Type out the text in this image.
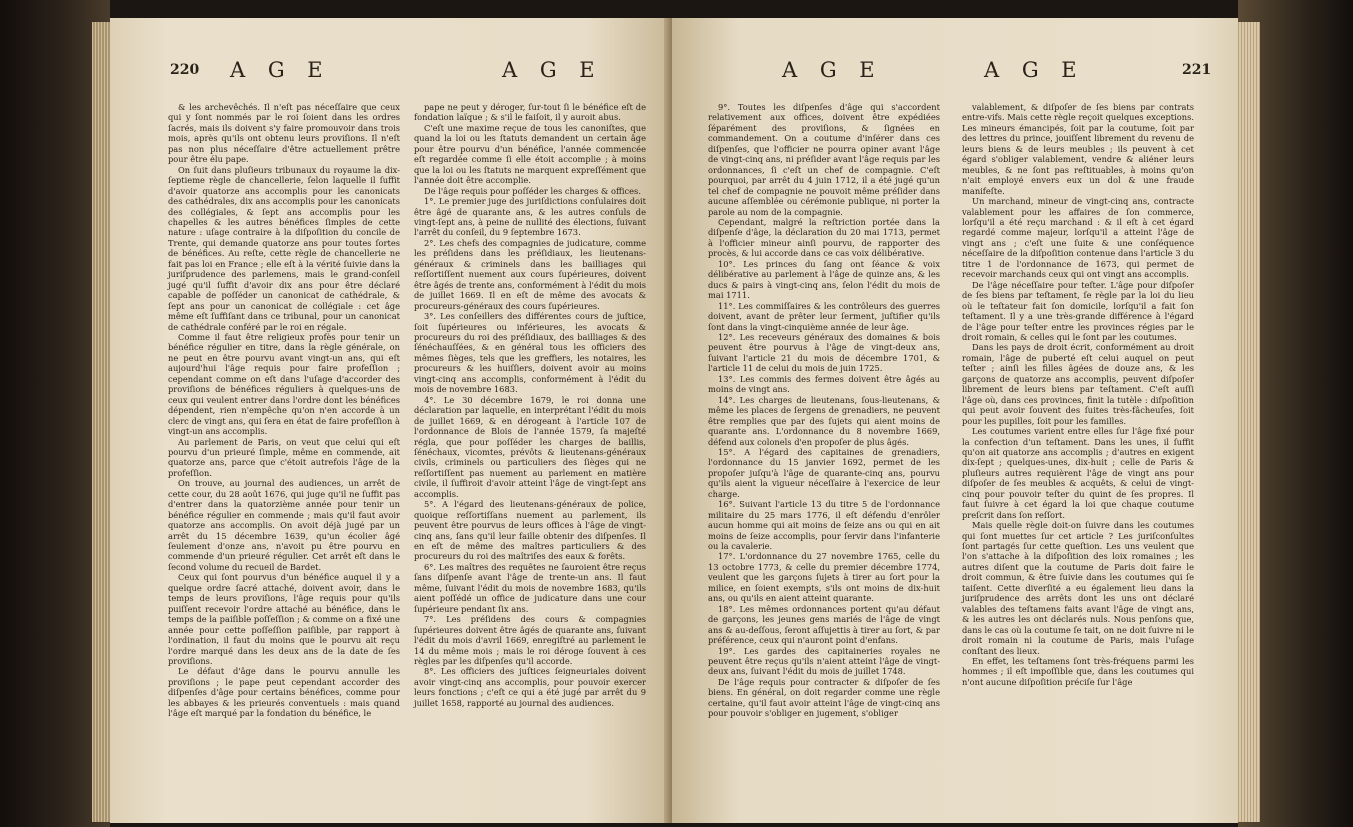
220 A G E	A G E

& les archevêchés. Il n'eſt pas néceſſaire que ceux qui y ſont nommés par le roi ſoient dans les ordres ſacrés, mais ils doivent s'y faire promouvoir dans trois mois, après qu'ils ont obtenu leurs proviſions. Il n'eſt pas non plus néceſſaire d'être actuellement prêtre pour être élu pape.

On ſuit dans pluſieurs tribunaux du royaume la dix-ſeptieme règle de chancellerie, ſelon laquelle il ſuffit d'avoir quatorze ans accomplis pour les canonicats des cathédrales, dix ans accomplis pour les canonicats des collégiales, & ſept ans accomplis pour les chapelles & les autres bénéfices ſimples de cette nature : uſage contraire à la diſpoſition du concile de Trente, qui demande quatorze ans pour toutes ſortes de bénéfices. Au reſte, cette règle de chancellerie ne fait pas loi en France ; elle eſt à la vérité ſuivie dans la juriſprudence des parlemens, mais le grand-conſeil jugé qu'il ſuffit d'avoir dix ans pour être déclaré capable de poſſéder un canonicat de cathédrale, & ſept ans pour un canonicat de collégiale : cet âge même eſt ſuffiſant dans ce tribunal, pour un canonicat de cathédrale conféré par le roi en régale.

Comme il faut être religieux profès pour tenir un bénéfice régulier en titre, dans la règle générale, on ne peut en être pourvu avant vingt-un ans, qui eſt aujourd'hui l'âge requis pour faire profeſſion ; cependant comme on eſt dans l'uſage d'accorder des proviſions de bénéfices réguliers à quelques-uns de ceux qui veulent entrer dans l'ordre dont les bénéfices dépendent, rien n'empêche qu'on n'en accorde à un clerc de vingt ans, qui ſera en état de faire profeſſion à vingt-un ans accomplis.

Au parlement de Paris, on veut que celui qui eſt pourvu d'un prieuré ſimple, même en commende, ait quatorze ans, parce que c'étoit autrefois l'âge de la profeſſion.

On trouve, au journal des audiences, un arrêt de cette cour, du 28 août 1676, qui juge qu'il ne ſuffit pas d'entrer dans la quatorzième année pour tenir un bénéfice régulier en commende ; mais qu'il faut avoir quatorze ans accomplis. On avoit déjà jugé par un arrêt du 15 décembre 1639, qu'un écolier âgé ſeulement d'onze ans, n'avoit pu être pourvu en commende d'un prieuré régulier. Cet arrêt eſt dans le ſecond volume du recueil de Bardet.

Ceux qui ſont pourvus d'un bénéfice auquel il y a quelque ordre ſacré attaché, doivent avoir, dans le temps de leurs proviſions, l'âge requis pour qu'ils puiſſent recevoir l'ordre attaché au bénéfice, dans le temps de la paiſible poſſeſſion ; & comme on a fixé une année pour cette poſſeſſion paiſible, par rapport à l'ordination, il faut du moins que le pourvu ait reçu l'ordre marqué dans les deux ans de la date de ſes proviſions.

Le défaut d'âge dans le pourvu annulle les proviſions ; le pape peut cependant accorder des diſpenſes d'âge pour certains bénéfices, comme pour les abbayes & les prieurés conventuels : mais quand l'âge eſt marqué par la fondation du bénéfice, le

pape ne peut y déroger, ſur-tout ſi le bénéfice eſt de fondation laïque ; & s'il le faiſoit, il y auroit abus.

C'eſt une maxime reçue de tous les canoniſtes, que quand la loi ou les ſtatuts demandent un certain âge pour être pourvu d'un bénéfice, l'année commencée eſt regardée comme ſi elle étoit accomplie ; à moins que la loi ou les ſtatuts ne marquent expreſſément que l'année doit être accomplie.

De l'âge requis pour poſſéder les charges & offices.

1°. Le premier juge des juriſdictions conſulaires doit être âgé de quarante ans, & les autres conſuls de vingt-ſept ans, à peine de nullité des élections, ſuivant l'arrêt du conſeil, du 9 ſeptembre 1673.

2°. Les chefs des compagnies de judicature, comme les préſidens dans les préſidiaux, les lieutenans-généraux & criminels dans les bailliages qui reſſortiſſent nuement aux cours ſupérieures, doivent être âgés de trente ans, conformément à l'édit du mois de juillet 1669. Il en eſt de même des avocats & procureurs-généraux des cours ſupérieures.

3°. Les conſeillers des différentes cours de juſtice, ſoit ſupérieures ou inférieures, les avocats & procureurs du roi des préſidiaux, des bailliages & des ſénéchauſſées, & en général tous les officiers des mêmes ſièges, tels que les greffiers, les notaires, les procureurs & les huiſſiers, doivent avoir au moins vingt-cinq ans accomplis, conformément à l'édit du mois de novembre 1683.

4°. Le 30 décembre 1679, le roi donna une déclaration par laquelle, en interprétant l'édit du mois de juillet 1669, & en dérogeant à l'article 107 de l'ordonnance de Blois de l'année 1579, ſa majeſté régla, que pour poſſéder les charges de baillis, ſénéchaux, vicomtes, prévôts & lieutenans-généraux civils, criminels ou particuliers des ſièges qui ne reſſortiſſent pas nuement au parlement en matière civile, il ſuffiroit d'avoir atteint l'âge de vingt-ſept ans accomplis.

5°. A l'égard des lieutenans-généraux de police, quoique reſſortiſſans nuement au parlement, ils peuvent être pourvus de leurs offices à l'âge de vingt-cinq ans, ſans qu'il leur faille obtenir des diſpenſes. Il en eſt de même des maîtres particuliers & des procureurs du roi des maîtriſes des eaux & forêts.

6°. Les maîtres des requêtes ne ſauroient être reçus ſans diſpenſe avant l'âge de trente-un ans. Il faut même, ſuivant l'édit du mois de novembre 1683, qu'ils aient poſſédé un office de judicature dans une cour ſupérieure pendant ſix ans.

7°. Les préſidens des cours & compagnies ſupérieures doivent être âgés de quarante ans, ſuivant l'édit du mois d'avril 1669, enregiſtré au parlement le 14 du même mois ; mais le roi déroge ſouvent à ces règles par les diſpenſes qu'il accorde.

8°. Les officiers des juſtices ſeigneuriales doivent avoir vingt-cinq ans accomplis, pour pouvoir exercer leurs fonctions ; c'eſt ce qui a été jugé par arrêt du 9 juillet 1658, rapporté au journal des audiences.

A G E	A G E	221

9°. Toutes les diſpenſes d'âge qui s'accordent relativement aux offices, doivent être expédiées ſéparément des proviſions, & ſignées en commandement. On a coutume d'inſérer dans ces diſpenſes, que l'officier ne pourra opiner avant l'âge de vingt-cinq ans, ni préſider avant l'âge requis par les ordonnances, ſi c'eſt un chef de compagnie. C'eſt pourquoi, par arrêt du 4 juin 1712, il a été jugé qu'un tel chef de compagnie ne pouvoit même préſider dans aucune aſſemblée ou cérémonie publique, ni porter la parole au nom de la compagnie.

Cependant, malgré la reſtriction portée dans la diſpenſe d'âge, la déclaration du 20 mai 1713, permet à l'officier mineur ainſi pourvu, de rapporter des procès, & lui accorde dans ce cas voix délibérative.

10°. Les princes du ſang ont ſéance & voix délibérative au parlement à l'âge de quinze ans, & les ducs & pairs à vingt-cinq ans, ſelon l'édit du mois de mai 1711.

11°. Les commiſſaires & les contrôleurs des guerres doivent, avant de prêter leur ſerment, juſtifier qu'ils ſont dans la vingt-cinquième année de leur âge.

12°. Les receveurs généraux des domaines & bois peuvent être pourvus à l'âge de vingt-deux ans, ſuivant l'article 21 du mois de décembre 1701, & l'article 11 de celui du mois de juin 1725.

13°. Les commis des fermes doivent être âgés au moins de vingt ans.

14°. Les charges de lieutenans, ſous-lieutenans, & même les places de ſergens de grenadiers, ne peuvent être remplies que par des ſujets qui aient moins de quarante ans. L'ordonnance du 8 novembre 1669, défend aux colonels d'en propoſer de plus âgés.

15°. A l'égard des capitaines de grenadiers, l'ordonnance du 15 janvier 1692, permet de les propoſer juſqu'à l'âge de quarante-cinq ans, pourvu qu'ils aient la vigueur néceſſaire à l'exercice de leur charge.

16°. Suivant l'article 13 du titre 5 de l'ordonnance militaire du 25 mars 1776, il eſt défendu d'enrôler aucun homme qui ait moins de ſeize ans ou qui en ait moins de ſeize accomplis, pour ſervir dans l'infanterie ou la cavalerie.

17°. L'ordonnance du 27 novembre 1765, celle du 13 octobre 1773, & celle du premier décembre 1774, veulent que les garçons ſujets à tirer au ſort pour la milice, en ſoient exempts, s'ils ont moins de dix-huit ans, ou qu'ils en aient atteint quarante.

18°. Les mêmes ordonnances portent qu'au défaut de garçons, les jeunes gens mariés de l'âge de vingt ans & au-deſſous, ſeront aſſujettis à tirer au ſort, & par préférence, ceux qui n'auront point d'enfans.

19°. Les gardes des capitaineries royales ne peuvent être reçus qu'ils n'aient atteint l'âge de vingt-deux ans, ſuivant l'édit du mois de juillet 1748.

De l'âge requis pour contracter & diſpoſer de ſes biens. En général, on doit regarder comme une règle certaine, qu'il faut avoir atteint l'âge de vingt-cinq ans pour pouvoir s'obliger en jugement, s'obliger

valablement, & diſpoſer de ſes biens par contrats entre-vifs. Mais cette règle reçoit quelques exceptions. Les mineurs émancipés, ſoit par la coutume, ſoit par des lettres du prince, jouiſſent librement du revenu de leurs biens & de leurs meubles ; ils peuvent à cet égard s'obliger valablement, vendre & aliéner leurs meubles, & ne ſont pas reſtituables, à moins qu'on n'ait employé envers eux un dol & une fraude manifeſte.

Un marchand, mineur de vingt-cinq ans, contracte valablement pour les affaires de ſon commerce, lorſqu'il a été reçu marchand : & il eſt à cet égard regardé comme majeur, lorſqu'il a atteint l'âge de vingt ans ; c'eſt une ſuite & une conſéquence néceſſaire de la diſpoſition contenue dans l'article 3 du titre 1 de l'ordonnance de 1673, qui permet de recevoir marchands ceux qui ont vingt ans accomplis.

De l'âge néceſſaire pour teſter. L'âge pour diſpoſer de ſes biens par teſtament, ſe règle par la loi du lieu où le teſtateur fait ſon domicile, lorſqu'il a fait ſon teſtament. Il y a une très-grande différence à l'égard de l'âge pour teſter entre les provinces régies par le droit romain, & celles qui le ſont par les coutumes.

Dans les pays de droit écrit, conformément au droit romain, l'âge de puberté eſt celui auquel on peut teſter ; ainſi les filles âgées de douze ans, & les garçons de quatorze ans accomplis, peuvent diſpoſer librement de leurs biens par teſtament. C'eſt auſſi l'âge où, dans ces provinces, finit la tutèle : diſpoſition qui peut avoir ſouvent des ſuites très-fâcheuſes, ſoit pour les pupilles, ſoit pour les familles.

Les coutumes varient entre elles ſur l'âge fixé pour la confection d'un teſtament. Dans les unes, il ſuffit qu'on ait quatorze ans accomplis ; d'autres en exigent dix-ſept ; quelques-unes, dix-huit ; celle de Paris & pluſieurs autres requièrent l'âge de vingt ans pour diſpoſer de ſes meubles & acquêts, & celui de vingt-cinq pour pouvoir teſter du quint de ſes propres. Il faut ſuivre à cet égard la loi que chaque coutume preſcrit dans ſon reſſort.

Mais quelle règle doit-on ſuivre dans les coutumes qui ſont muettes ſur cet article ? Les juriſconſultes ſont partagés ſur cette queſtion. Les uns veulent que l'on s'attache à la diſpoſition des loix romaines ; les autres diſent que la coutume de Paris doit faire le droit commun, & être ſuivie dans les coutumes qui ſe taiſent. Cette diverſité a eu également lieu dans la juriſprudence des arrêts dont les uns ont déclaré valables des teſtamens faits avant l'âge de vingt ans, & les autres les ont déclarés nuls. Nous penſons que, dans le cas où la coutume ſe tait, on ne doit ſuivre ni le droit romain ni la coutume de Paris, mais l'uſage conſtant des lieux.

En effet, les teſtamens ſont très-fréquens parmi les hommes ; il eſt impoſſible que, dans les coutumes qui n'ont aucune diſpoſition préciſe ſur l'âge
